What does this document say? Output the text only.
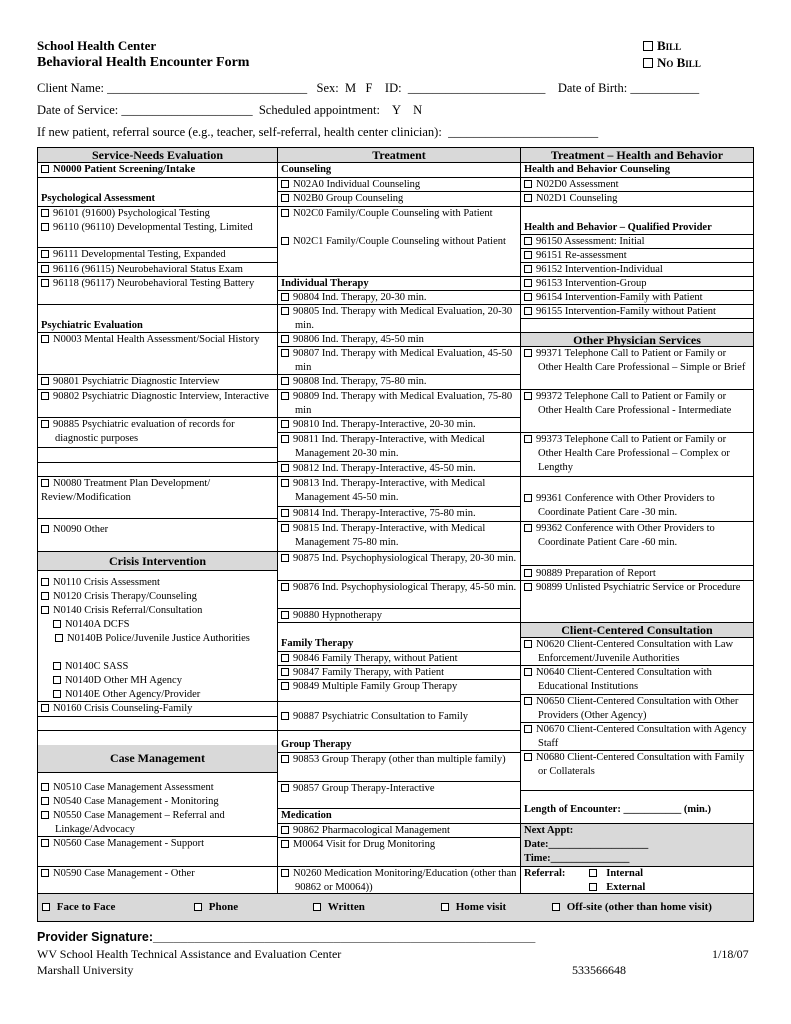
School Health Center
Behavioral Health Encounter Form
Bill
No Bill
Client Name: ________________________________   Sex:  M   F    ID:  ______________________    Date of Birth: ___________
Date of Service: _____________________  Scheduled appointment:    Y    N
If new patient, referral source (e.g., teacher, self-referral, health center clinician):  ________________________
Service-Needs Evaluation
N0000 Patient Screening/Intake
Psychological Assessment
96101 (91600) Psychological Testing
96110 (96110) Developmental Testing, Limited
96111 Developmental Testing, Expanded
96116 (96115) Neurobehavioral Status Exam
96118 (96117) Neurobehavioral Testing Battery
Psychiatric Evaluation
N0003 Mental Health Assessment/Social History
90801 Psychiatric Diagnostic Interview
90802 Psychiatric Diagnostic Interview, Interactive
90885 Psychiatric evaluation of records for diagnostic purposes
N0080 Treatment Plan Development/ Review/Modification
N0090 Other
Crisis Intervention
N0110 Crisis Assessment
N0120 Crisis Therapy/Counseling
N0140 Crisis Referral/Consultation
N0140A DCFS
N0140B Police/Juvenile Justice Authorities
N0140C SASS
N0140D Other MH Agency
N0140E Other Agency/Provider
N0160 Crisis Counseling-Family
Case Management
N0510 Case Management Assessment
N0540 Case Management - Monitoring
N0550 Case Management – Referral and Linkage/Advocacy
N0560 Case Management - Support
N0590 Case Management - Other
Treatment
Counseling
N02A0 Individual Counseling
N02B0 Group Counseling
N02C0 Family/Couple Counseling with Patient
N02C1 Family/Couple Counseling without Patient
Individual Therapy
90804 Ind. Therapy, 20-30 min.
90805 Ind. Therapy with Medical Evaluation, 20-30 min.
90806 Ind. Therapy, 45-50 min
90807 Ind. Therapy with Medical Evaluation, 45-50 min
90808 Ind. Therapy, 75-80 min.
90809 Ind. Therapy with Medical Evaluation, 75-80 min
90810 Ind. Therapy-Interactive, 20-30 min.
90811 Ind. Therapy-Interactive, with Medical Management 20-30 min.
90812 Ind. Therapy-Interactive, 45-50 min.
90813 Ind. Therapy-Interactive, with Medical Management 45-50 min.
90814 Ind. Therapy-Interactive, 75-80 min.
90815 Ind. Therapy-Interactive, with Medical Management 75-80 min.
90875 Ind. Psychophysiological Therapy, 20-30 min.
90876 Ind. Psychophysiological Therapy, 45-50 min.
90880 Hypnotherapy
Family Therapy
90846 Family Therapy, without Patient
90847 Family Therapy, with Patient
90849 Multiple Family Group Therapy
90887 Psychiatric Consultation to Family
Group Therapy
90853 Group Therapy (other than multiple family)
90857 Group Therapy-Interactive
Medication
90862 Pharmacological Management
M0064 Visit for Drug Monitoring
N0260 Medication Monitoring/Education (other than 90862 or M0064))
Treatment – Health and Behavior
Health and Behavior Counseling
N02D0 Assessment
N02D1 Counseling
Health and Behavior – Qualified Provider
96150 Assessment: Initial
96151 Re-assessment
96152 Intervention-Individual
96153 Intervention-Group
96154 Intervention-Family with Patient
96155 Intervention-Family without Patient
Other Physician Services
99371 Telephone Call to Patient or Family or Other Health Care Professional – Simple or Brief
99372 Telephone Call to Patient or Family or Other Health Care Professional - Intermediate
99373 Telephone Call to Patient or Family or Other Health Care Professional – Complex or Lengthy
99361 Conference with Other Providers to Coordinate Patient Care -30 min.
99362 Conference with Other Providers to Coordinate Patient Care -60 min.
90889 Preparation of Report
90899 Unlisted Psychiatric Service or Procedure
Client-Centered Consultation
N0620 Client-Centered Consultation with Law Enforcement/Juvenile Authorities
N0640 Client-Centered Consultation with Educational Institutions
N0650 Client-Centered Consultation with Other Providers (Other Agency)
N0670 Client-Centered Consultation with Agency Staff
N0680 Client-Centered Consultation with Family or Collaterals
Length of Encounter: ___________ (min.)
Next Appt:
Date:___________________
Time:_______________
Referral:	Internal
External
Face to Face	Phone	Written	Home visit	Off-site (other than home visit)
Provider Signature:_______________________________________________________
WV School Health Technical Assistance and Evaluation Center
Marshall University
1/18/07
533566648
